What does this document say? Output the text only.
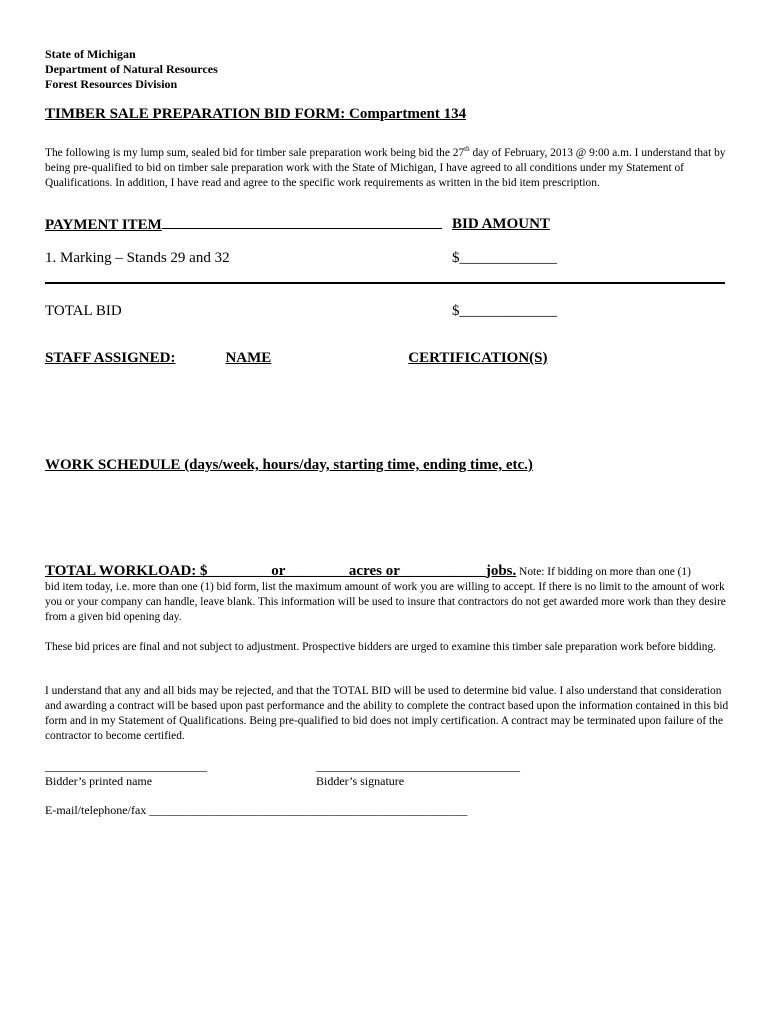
State of Michigan
Department of Natural Resources
Forest Resources Division
TIMBER SALE PREPARATION BID FORM: Compartment 134
The following is my lump sum, sealed bid for timber sale preparation work being bid the 27th day of February, 2013 @ 9:00 a.m. I understand that by being pre-qualified to bid on timber sale preparation work with the State of Michigan, I have agreed to all conditions under my Statement of Qualifications. In addition, I have read and agree to the specific work requirements as written in the bid item prescription.
PAYMENT ITEM	BID AMOUNT
1. Marking – Stands 29 and 32	$_____________
TOTAL BID	$_____________
STAFF ASSIGNED:	NAME	CERTIFICATION(S)
WORK SCHEDULE (days/week, hours/day, starting time, ending time, etc.)
TOTAL WORKLOAD: $________ or ________acres or ___________jobs. Note: If bidding on more than one (1)
bid item today, i.e. more than one (1) bid form, list the maximum amount of work you are willing to accept. If there is no limit to the amount of work you or your company can handle, leave blank. This information will be used to insure that contractors do not get awarded more work than they desire from a given bid opening day.
These bid prices are final and not subject to adjustment. Prospective bidders are urged to examine this timber sale preparation work before bidding.
I understand that any and all bids may be rejected, and that the TOTAL BID will be used to determine bid value. I also understand that consideration and awarding a contract will be based upon past performance and the ability to complete the contract based upon the information contained in this bid form and in my Statement of Qualifications. Being pre-qualified to bid does not imply certification. A contract may be terminated upon failure of the contractor to become certified.
___________________________
Bidder’s printed name
__________________________________
Bidder’s signature
E-mail/telephone/fax _____________________________________________________
